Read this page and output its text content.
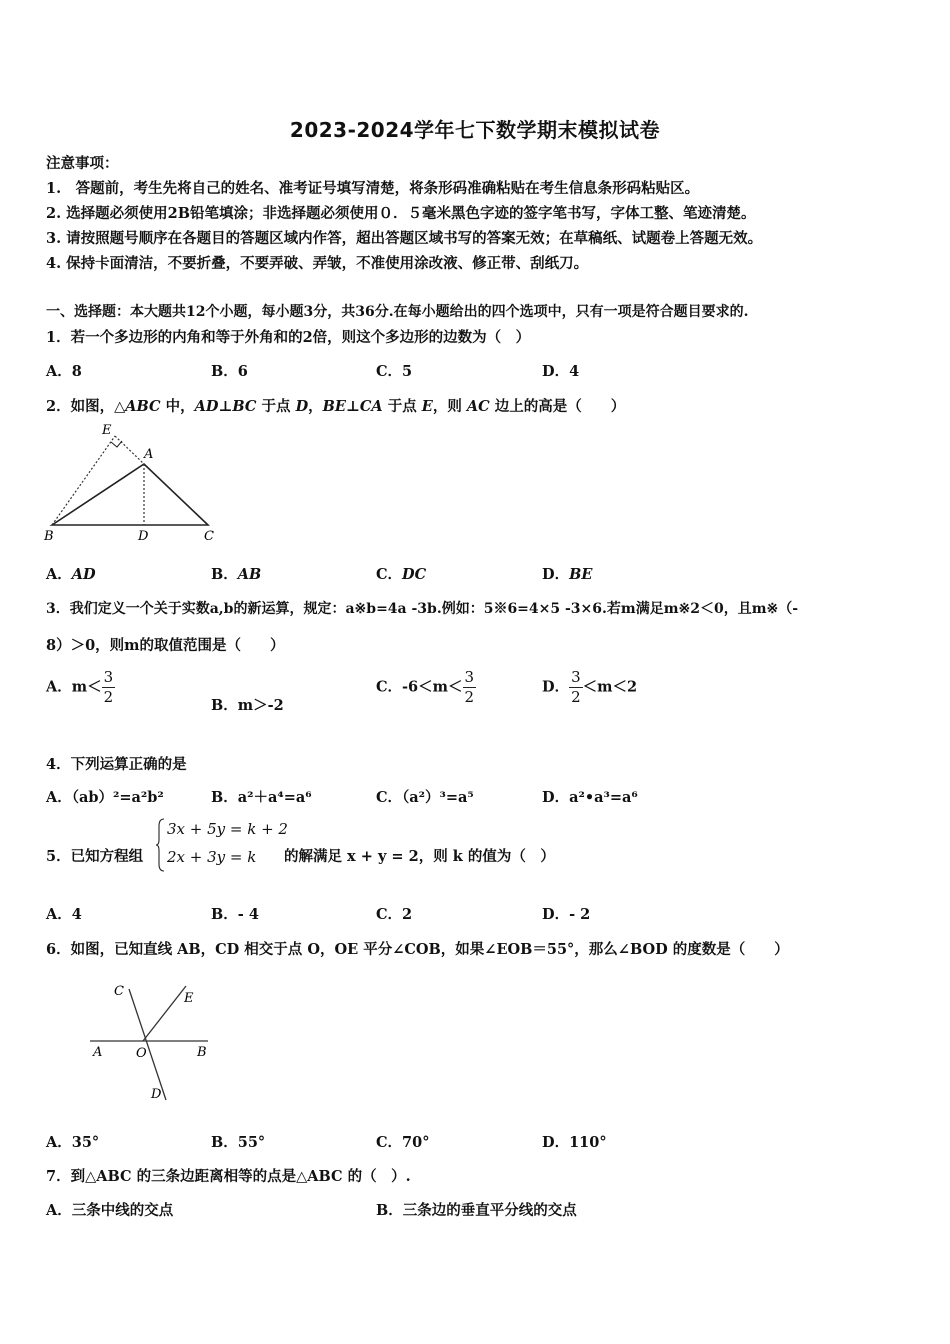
2023-2024学年七下数学期末模拟试卷
注意事项：
1.　答题前，考生先将自己的姓名、准考证号填写清楚，将条形码准确粘贴在考生信息条形码粘贴区。
2. 选择题必须使用2B铅笔填涂；非选择题必须使用０．５毫米黑色字迹的签字笔书写，字体工整、笔迹清楚。
3. 请按照题号顺序在各题目的答题区域内作答，超出答题区域书写的答案无效；在草稿纸、试题卷上答题无效。
4. 保持卡面清洁，不要折叠，不要弄破、弄皱，不准使用涂改液、修正带、刮纸刀。
一、选择题：本大题共12个小题，每小题3分，共36分.在每小题给出的四个选项中，只有一项是符合题目要求的.
1．若一个多边形的内角和等于外角和的2倍，则这个多边形的边数为（　）
A．8	B．6	C．5	D．4
2．如图，△ABC 中，AD⊥BC 于点 D，BE⊥CA 于点 E，则 AC 边上的高是（　　）
E
A
B	D	C
A．AD	B．AB	C．DC	D．BE
3．我们定义一个关于实数a,b的新运算，规定：a※b=4a -3b.例如：5※6=4×5 -3×6.若m满足m※2＜0，且m※（-
8）＞0，则m的取值范围是（　　）
A．$m< \frac{3}{2}$	B．m＞-2
C．$-6<m< \frac{3}{2}$	D． $\frac{3}{2} <m<2$
4．下列运算正确的是
A．（ab）²=a²b²	B．a²＋a⁴=a⁶	C．（a²）³=a⁵	D．a²•a³=a⁶
5．已知方程组
3x + 5y = k + 2
2x + 3y = k 的解满足 x + y = 2，则 k 的值为（　）
A．4	B．- 4	C．2	D．- 2
6．如图，已知直线 AB，CD 相交于点 O，OE 平分∠COB，如果∠EOB＝55°，那么∠BOD 的度数是（　　）
C	E
A	O	B
D
A．35°	B．55°	C．70°	D．110°
7．到△ABC 的三条边距离相等的点是△ABC 的（　）.
A．三条中线的交点	B．三条边的垂直平分线的交点
